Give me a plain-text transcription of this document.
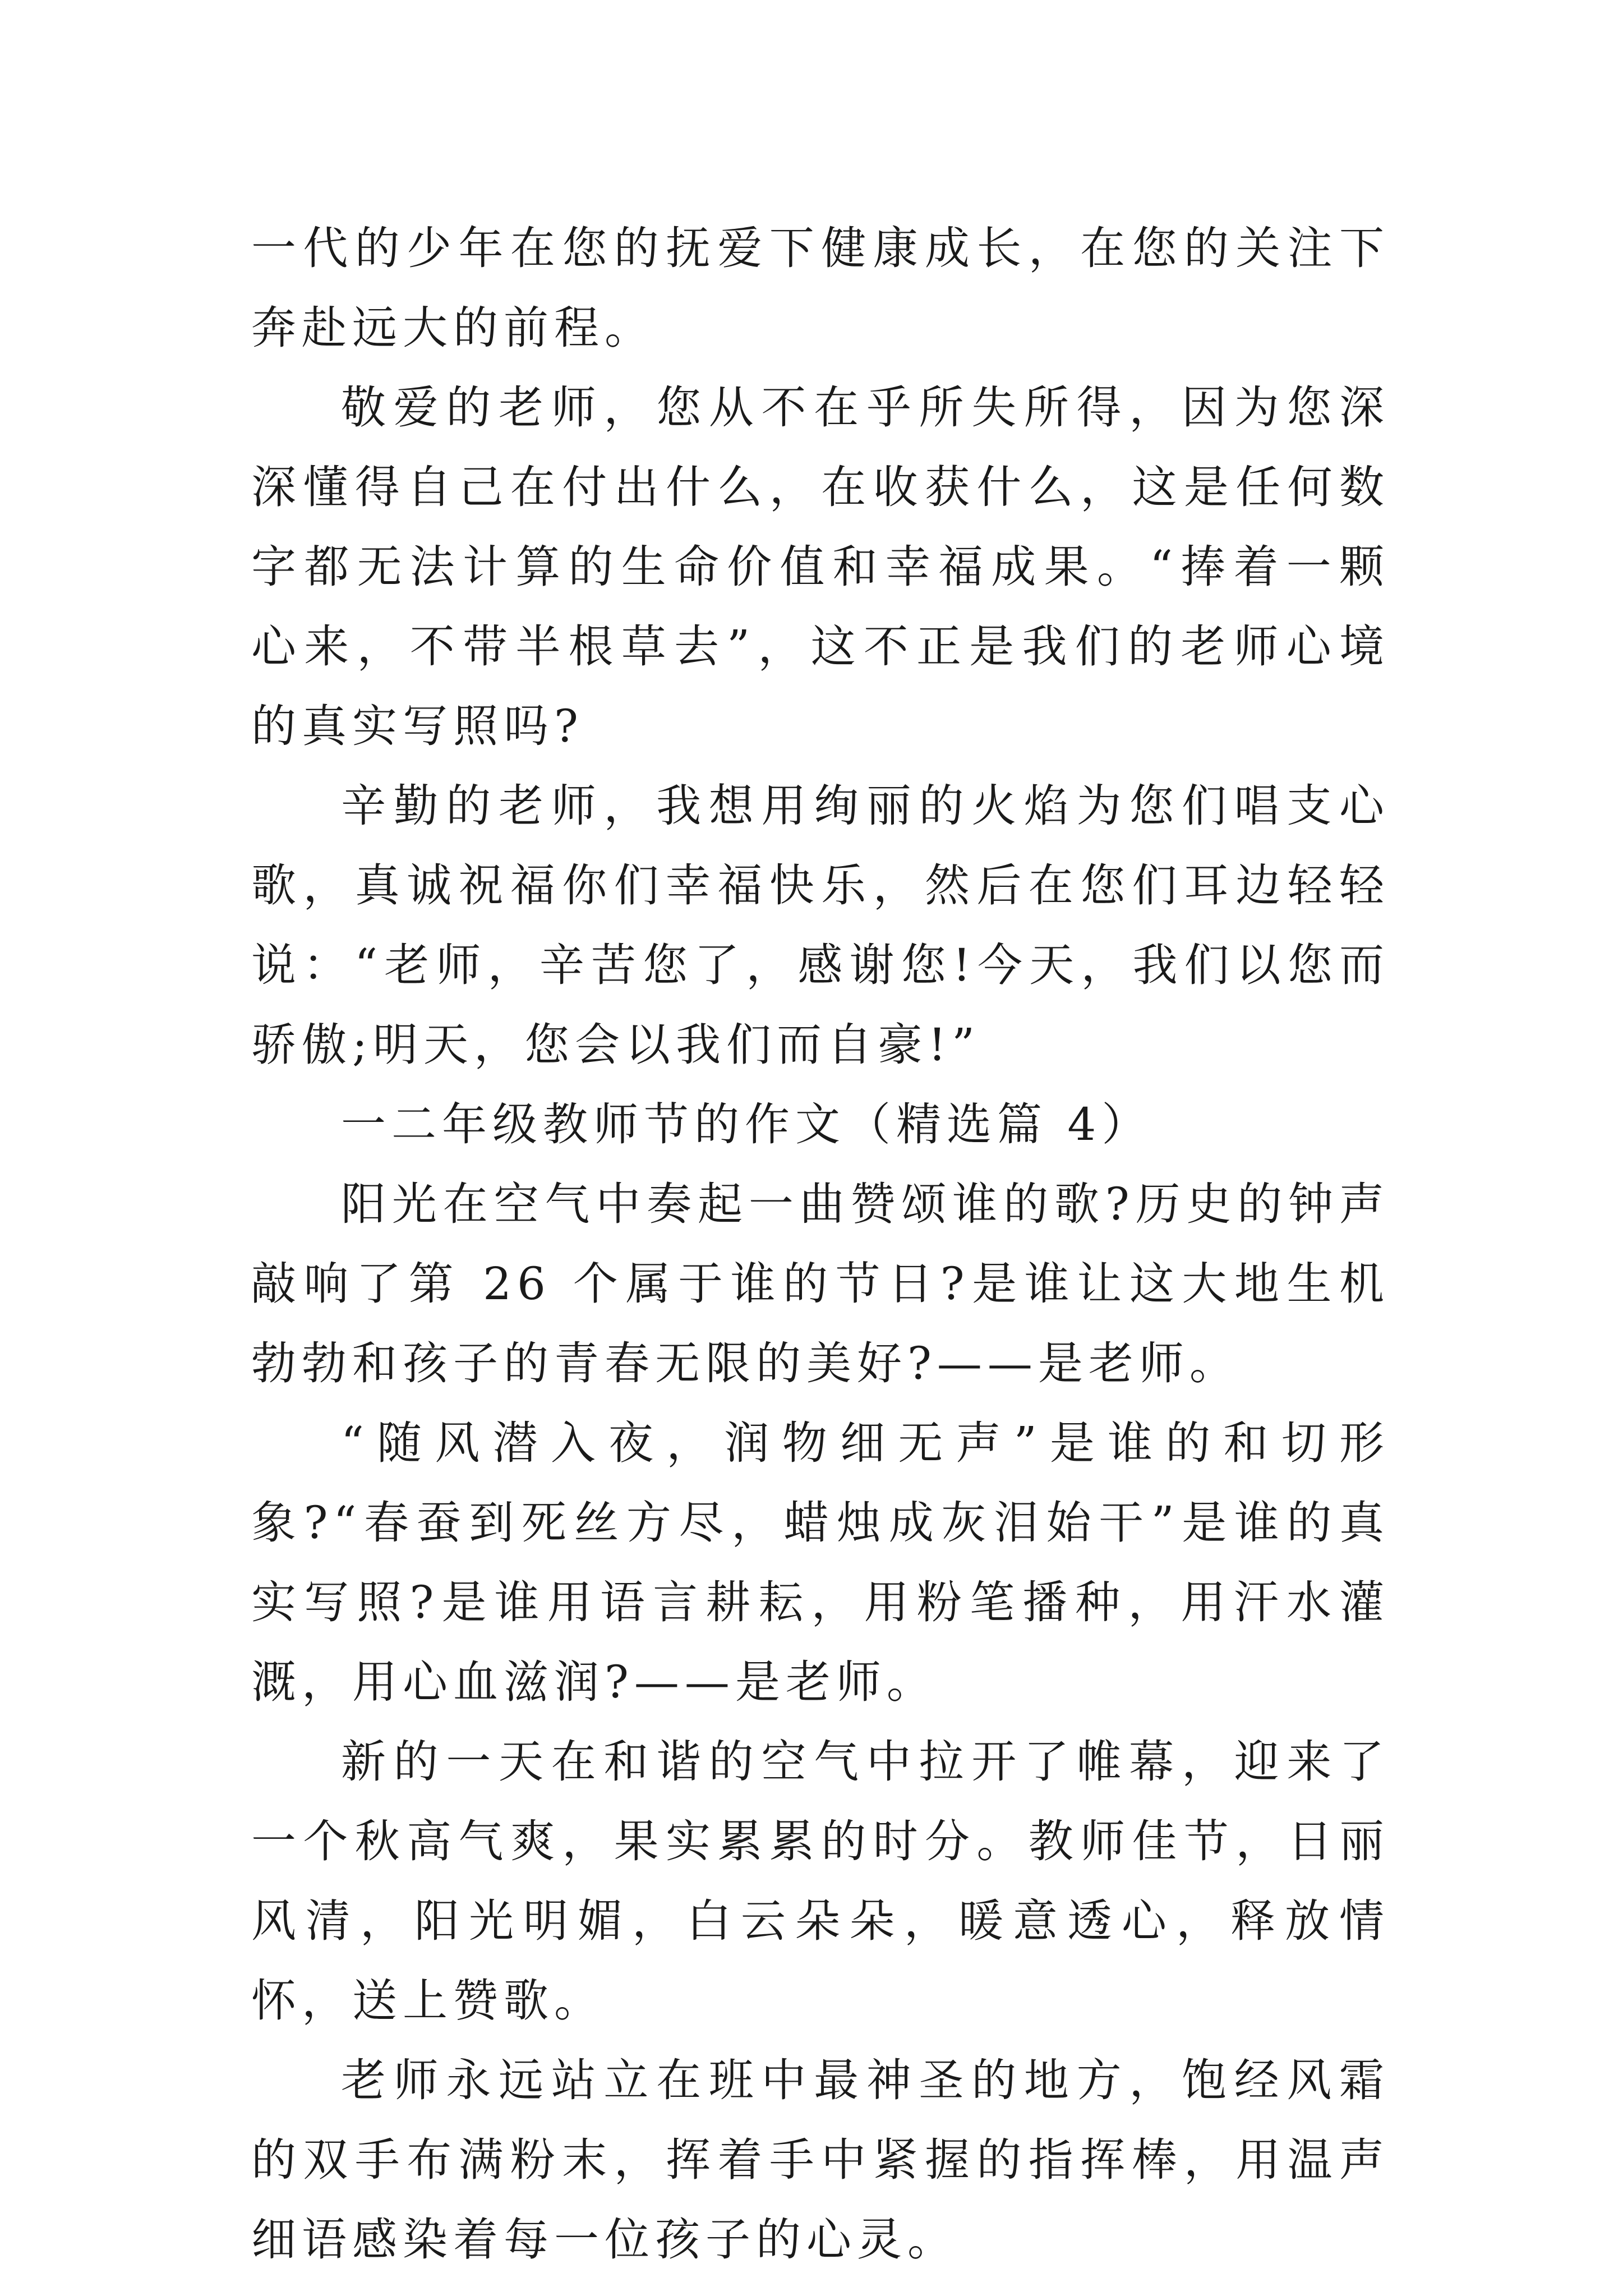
一代的少年在您的抚爱下健康成长，在您的关注下奔赴远大的前程。

敬爱的老师，您从不在乎所失所得，因为您深深懂得自己在付出什么，在收获什么，这是任何数字都无法计算的生命价值和幸福成果。“捧着一颗心来，不带半根草去”，这不正是我们的老师心境的真实写照吗?

辛勤的老师，我想用绚丽的火焰为您们唱支心歌，真诚祝福你们幸福快乐，然后在您们耳边轻轻说：“老师，辛苦您了，感谢您!今天，我们以您而骄傲;明天，您会以我们而自豪!”

一二年级教师节的作文（精选篇 4）

阳光在空气中奏起一曲赞颂谁的歌?历史的钟声敲响了第 26 个属于谁的节日?是谁让这大地生机勃勃和孩子的青春无限的美好?——是老师。

“随风潜入夜，润物细无声”是谁的和切形象?“春蚕到死丝方尽，蜡烛成灰泪始干”是谁的真实写照?是谁用语言耕耘，用粉笔播种，用汗水灌溉，用心血滋润?——是老师。

新的一天在和谐的空气中拉开了帷幕，迎来了一个秋高气爽，果实累累的时分。教师佳节，日丽风清，阳光明媚，白云朵朵，暖意透心，释放情怀，送上赞歌。

老师永远站立在班中最神圣的地方，饱经风霜的双手布满粉末，挥着手中紧握的指挥棒，用温声细语感染着每一位孩子的心灵。
